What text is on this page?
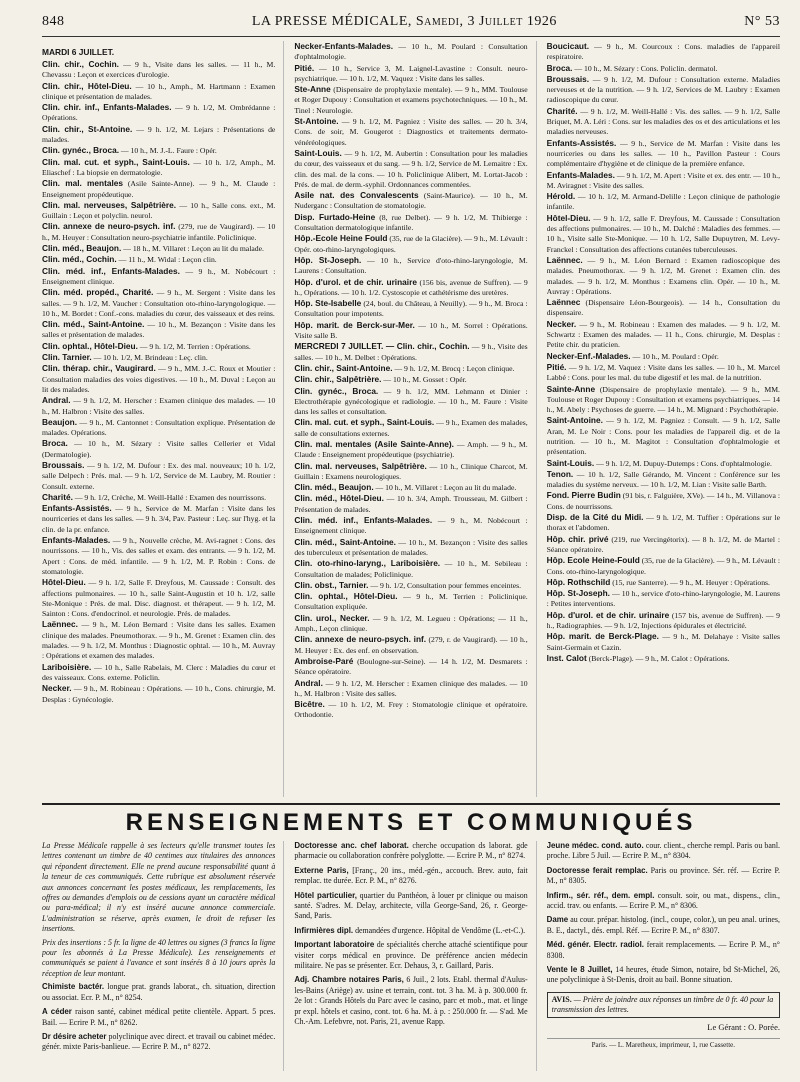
848	LA PRESSE MÉDICALE, Samedi, 3 Juillet 1926	N° 53
MARDI 6 JUILLET.

Clin. chir., Cochin. — 9 h., Visite dans les salles. — 11 h., M. Chevassu : Leçon et exercices d'urologie.

Clin. chir., Hôtel-Dieu. — 10 h., Amph., M. Hartmann : Examen clinique et présentation de malades.

Clin. chir. inf., Enfants-Malades. — 9 h. 1/2, M. Ombrédanne : Opérations.

Clin. chir., St-Antoine. — 9 h. 1/2, M. Lejars : Présentations de malades.

Clin. gynéc., Broca. — 10 h., M. J.-L. Faure : Opér.

Clin. mal. cut. et syph., Saint-Louis. — 10 h. 1/2, Amph., M. Eliaschef : La biopsie en dermatologie.

Clin. mal. mentales (Asile Sainte-Anne). — 9 h., M. Claude : Enseignement propédeutique.

Clin. mal. nerveuses, Salpêtrière. — 10 h., Salle cons. ext., M. Guillain : Leçon et polyclin. neurol.

Clin. annexe de neuro-psych. inf. (279, rue de Vaugirard). — 10 h., M. Heuyer : Consultation neuro-psychiatrie infantile. Policlinique.

Clin. méd., Beaujon. — 18 h., M. Villaret : Leçon au lit du malade.

Clin. méd., Cochin. — 11 h., M. Widal : Leçon clin.

Clin. méd. inf., Enfants-Malades. — 9 h., M. Nobécourt : Enseignement clinique.

Clin. méd. propéd., Charité. — 9 h., M. Sergent : Visite dans les salles. — 9 h. 1/2, M. Vaucher : Consultation oto-rhino-laryngologique. — 10 h., M. Bordet : Conf.-cons. maladies du cœur, des vaisseaux et des reins.

Clin. méd., Saint-Antoine. — 10 h., M. Bezançon : Visite dans les salles et présentation de malades.

Clin. ophtal., Hôtel-Dieu. — 9 h. 1/2, M. Terrien : Opérations.

Clin. Tarnier. — 10 h. 1/2, M. Brindeau : Leç. clin.

Clin. thérap. chir., Vaugirard. — 9 h., MM. J.-C. Roux et Moutier : Consultation maladies des voies digestives. — 10 h., M. Duval : Leçon au lit des malades.

Andral. — 9 h. 1/2, M. Herscher : Examen clinique des malades. — 10 h., M. Halbron : Visite des salles.

Beaujon. — 9 h., M. Cantonnet : Consultation explique. Présentation de malades. Opérations.

Broca. — 10 h., M. Sézary : Visite salles Cellerier et Vidal (Dermatologie).

Broussais. — 9 h. 1/2, M. Dufour : Ex. des mal. nouveaux; 10 h. 1/2, salle Delpech : Prés. mal. — 9 h. 1/2, Service de M. Laubry, M. Routier : Consult. externe.

Charité. — 9 h. 1/2, Crèche, M. Weill-Hallé : Examen des nourrissons.

Enfants-Assistés. — 9 h., Service de M. Marfan : Visite dans les nourriceries et dans les salles. — 9 h. 3/4, Pav. Pasteur : Leç. sur l'hyg. et la clin. de la pr. enfance.

Enfants-Malades. — 9 h., Nouvelle crèche, M. Avi-ragnet : Cons. des nourrissons. — 10 h., Vis. des salles et exam. des entrants. — 9 h. 1/2, M. Apert : Cons. de méd. infantile. — 9 h. 1/2, M. P. Robin : Cons. de stomatologie.

Hôtel-Dieu. — 9 h. 1/2, Salle F. Dreyfous, M. Caussade : Consult. des affections pulmonaires. — 10 h., salle Saint-Augustin et 10 h. 1/2, salle Ste-Monique : Prés. de mal. Disc. diagnost. et thérapeut. — 9 h. 1/2, M. Sainton : Cons. d'endocrinol. et neurologie. Prés. de malades.

Laënnec. — 9 h., M. Léon Bernard : Visite dans les salles. Examen clinique des malades. Pneumothorax. — 9 h., M. Grenet : Examen clin. des malades. — 9 h. 1/2, M. Monthus : Diagnostic ophtal. — 10 h., M. Auvray : Opérations et examen des malades.

Lariboisière. — 10 h., Salle Rabelais, M. Clerc : Maladies du cœur et des vaisseaux. Cons. externe. Policlin.

Necker. — 9 h., M. Robineau : Opérations. — 10 h., Cons. chirurgie, M. Desplas : Gynécologie.

Necker-Enfants-Malades. — 10 h., M. Poulard : Consultation d'ophtalmologie.

Pitié. — 10 h., Service 3, M. Laignel-Lavastine : Consult. neuro-psychiatrique. — 10 h. 1/2, M. Vaquez : Visite dans les salles.

Ste-Anne (Dispensaire de prophylaxie mentale). — 9 h., MM. Toulouse et Roger Dupouy : Consultation et examens psychotechniques. — 10 h., M. Tinel : Neurologie.

St-Antoine. — 9 h. 1/2, M. Pagniez : Visite des salles. — 20 h. 3/4, Cons. de soir, M. Gougerot : Diagnostics et traitements dermato-vénéréologiques.

Saint-Louis. — 9 h. 1/2, M. Aubertin : Consultation pour les maladies du cœur, des vaisseaux et du sang. — 9 h. 1/2, Service de M. Lemaitre : Ex. clin. des mal. de la cons. — 10 h. Policlinique Alibert, M. Lortat-Jacob : Prés. de mal. de derm.-syphil. Ordonnances commentées.

Asile nat. des Convalescents (Saint-Maurice). — 10 h., M. Nuderganc : Consultation de stomatologie.

Disp. Furtado-Heine (8, rue Delbet). — 9 h. 1/2, M. Thibierge : Consultation dermatologique infantile.

Hôp.-Ecole Heine Fould (35, rue de la Glacière). — 9 h., M. Lévault : Opér. oto-rhino-laryngologiques.

Hôp. St-Joseph. — 10 h., Service d'oto-rhino-laryngologie, M. Laurens : Consultation.

Hôp. d'urol. et de chir. urinaire (156 bis, avenue de Suffren). — 9 h., Opérations. — 10 h. 1/2. Cystoscopie et cathétérisme des uretères.

Hôp. Ste-Isabelle (24, boul. du Château, à Neuilly). — 9 h., M. Broca : Consultation pour impotents.

Hôp. marit. de Berck-sur-Mer. — 10 h., M. Sorrel : Opérations. Visite salle B.

MERCREDI 7 JUILLET. — Clin. chir., Cochin. — 9 h., Visite des salles. — 10 h., M. Delbet : Opérations.

Clin. chir., Saint-Antoine. — 9 h. 1/2, M. Brocq : Leçon clinique.

Clin. chir., Salpêtrière. — 10 h., M. Gosset : Opér.

Clin. gynéc., Broca. — 9 h. 1/2, MM. Lehmann et Dinier : Electrothérapie gynécologique et radiologie. — 10 h., M. Faure : Visite dans les salles et consultation.

Clin. mal. cut. et syph., Saint-Louis. — 9 h., Examen des malades, salle de consultations externes.

Clin. mal. mentales (Asile Sainte-Anne). — Amph. — 9 h., M. Claude : Enseignement propédeutique (psychiatrie).

Clin. mal. nerveuses, Salpêtrière. — 10 h., Clinique Charcot, M. Guillain : Examens neurologiques.

Clin. méd., Beaujon. — 10 h., M. Villaret : Leçon au lit du malade.

Clin. méd., Hôtel-Dieu. — 10 h. 3/4, Amph. Trousseau, M. Gilbert : Présentation de malades.

Clin. méd. inf., Enfants-Malades. — 9 h., M. Nobécourt : Enseignement clinique.

Clin. méd., Saint-Antoine. — 10 h., M. Bezançon : Visite des salles des tuberculeux et présentation de malades.

Clin. oto-rhino-laryng., Lariboisière. — 10 h., M. Sebileau : Consultation de malades; Policlinique.

Clin. obst., Tarnier. — 9 h. 1/2, Consultation pour femmes enceintes.

Clin. ophtal., Hôtel-Dieu. — 9 h., M. Terrien : Policlinique. Consultation expliquée.

Clin. urol., Necker. — 9 h. 1/2, M. Legueu : Opérations; — 11 h., Amph., Leçon clinique.

Clin. annexe de neuro-psych. inf. (279, r. de Vaugirard). — 10 h., M. Heuyer : Ex. des enf. en observation.

Ambroise-Paré (Boulogne-sur-Seine). — 14 h. 1/2, M. Desmarets : Séance opératoire.

Andral. — 9 h. 1/2, M. Herscher : Examen clinique des malades. — 10 h., M. Halbron : Visite des salles.

Bicêtre. — 10 h. 1/2, M. Frey : Stomatologie clinique et opératoire. Orthodontie.

Boucicaut. — 9 h., M. Courcoux : Cons. maladies de l'appareil respiratoire.

Broca. — 10 h., M. Sézary : Cons. Policlin. dermatol.

Broussais. — 9 h. 1/2, M. Dufour : Consultation externe. Maladies nerveuses et de la nutrition. — 9 h. 1/2, Services de M. Laubry : Examen radioscopique du cœur.

Charité. — 9 h. 1/2, M. Weill-Hallé : Vis. des salles. — 9 h. 1/2, Salle Briquet, M. A. Léri : Cons. sur les maladies des os et des articulations et les maladies nerveuses.

Enfants-Assistés. — 9 h., Service de M. Marfan : Visite dans les nourriceries ou dans les salles. — 10 h., Pavillon Pasteur : Cours complémentaire d'hygiène et de clinique de la première enfance.

Enfants-Malades. — 9 h. 1/2, M. Apert : Visite et ex. des entr. — 10 h., M. Aviragnet : Visite des salles.

Hérold. — 10 h. 1/2, M. Armand-Delille : Leçon clinique de pathologie infantile.

Hôtel-Dieu. — 9 h. 1/2, salle F. Dreyfous, M. Caussade : Consultation des affections pulmonaires. — 10 h., M. Dalché : Maladies des femmes. — 10 h., Visite salle Ste-Monique. — 10 h. 1/2, Salle Dupuytren, M. Levy-Franckel : Consultation des affections cutanées tuberculeuses.

Laënnec. — 9 h., M. Léon Bernard : Examen radioscopique des malades. Pneumothorax. — 9 h. 1/2, M. Grenet : Examen clin. des malades. — 9 h. 1/2, M. Monthus : Examens clin. Opér. — 10 h., M. Auvray : Opérations.

Laënnec (Dispensaire Léon-Bourgeois). — 14 h., Consultation du dispensaire.

Necker. — 9 h., M. Robineau : Examen des malades. — 9 h. 1/2, M. Schwartz : Examen des malades. — 11 h., Cons. chirurgie, M. Desplas : Petite chir. du praticien.

Necker-Enf.-Malades. — 10 h., M. Poulard : Opér.

Pitié. — 9 h. 1/2, M. Vaquez : Visite dans les salles. — 10 h., M. Marcel Labbé : Cons. pour les mal. du tube digestif et les mal. de la nutrition.

Sainte-Anne (Dispensaire de prophylaxie mentale). — 9 h., MM. Toulouse et Roger Dupouy : Consultation et examens psychiatriques. — 14 h., M. Abely : Psychoses de guerre. — 14 h., M. Mignard : Psychothérapie.

Saint-Antoine. — 9 h. 1/2, M. Pagniez : Consult. — 9 h. 1/2, Salle Aran, M. Le Noir : Cons. pour les maladies de l'appareil dig. et de la nutrition. — 10 h., M. Magitot : Consultation d'ophtalmologie et présentation.

Saint-Louis. — 9 h. 1/2, M. Dupuy-Dutemps : Cons. d'ophtalmologie.

Tenon. — 10 h. 1/2, Salle Gérando, M. Vincent : Conférence sur les maladies du système nerveux. — 10 h. 1/2, M. Lian : Visite salle Barth.

Fond. Pierre Budin (91 bis, r. Falguière, XVe). — 14 h., M. Villanova : Cons. de nourrissons.

Disp. de la Cité du Midi. — 9 h. 1/2, M. Tuffier : Opérations sur le thorax et l'abdomen.

Hôp. chir. privé (219, rue Vercingétorix). — 8 h. 1/2, M. de Martel : Séance opératoire.

Hôp. Ecole Heine-Fould (35, rue de la Glacière). — 9 h., M. Lévault : Cons. oto-rhino-laryngologique.

Hôp. Rothschild (15, rue Santerre). — 9 h., M. Heuyer : Opérations.

Hôp. St-Joseph. — 10 h., service d'oto-rhino-laryngologie, M. Laurens : Petites interventions.

Hôp. d'urol. et de chir. urinaire (157 bis, avenue de Suffren). — 9 h., Radiographies. — 9 h. 1/2, Injections épidurales et électricité.

Hôp. marit. de Berck-Plage. — 9 h., M. Delahaye : Visite salles Saint-Germain et Cazin.

Inst. Calot (Berck-Plage). — 9 h., M. Calot : Opérations.

RENSEIGNEMENTS ET COMMUNIQUÉS

La Presse Médicale rappelle à ses lecteurs qu'elle transmet toutes les lettres contenant un timbre de 40 centimes aux titulaires des annonces qui répondent directement. Elle ne prend aucune responsabilité quant à la teneur de ces communiqués. Cette rubrique est absolument réservée aux annonces concernant les postes médicaux, les remplacements, les offres ou demandes d'emplois ou de cessions ayant un caractère médical ou para-médical; il n'y est inséré aucune annonce commerciale. L'administration se réserve, après examen, le droit de refuser les insertions.

Prix des insertions : 5 fr. la ligne de 40 lettres ou signes (3 francs la ligne pour les abonnés à La Presse Médicale). Les renseignements et communiqués se paient à l'avance et sont insérés 8 à 10 jours après la réception de leur montant.

Chimiste bactér. longue prat. grands laborat., ch. situation, direction ou associat. Ecr. P. M., n° 8254.

A céder raison santé, cabinet médical petite clientèle. Appart. 5 pces. Bail. — Ecrire P. M., n° 8262.

Dr désire acheter polyclinique avec direct. et travail ou cabinet médec. génér. mixte Paris-banlieue. — Ecrire P. M., n° 8272.

Doctoresse anc. chef laborat. cherche occupation ds laborat. gde pharmacie ou collaboration confrère polyglotte. — Ecrire P. M., n° 8274.

Externe Paris, [Franç., 20 ins., méd.-gén., accouch. Brev. auto, fait remplac. tte durée. Ecr. P. M., n° 8276.

Hôtel particulier, quartier du Panthéon, à louer pr clinique ou maison santé. S'adres. M. Delay, architecte, villa George-Sand, 26, r. George-Sand, Paris.

Infirmières dipl. demandées d'urgence. Hôpital de Vendôme (L.-et-C.).

Important laboratoire de spécialités cherche attaché scientifique pour visiter corps médical en province. De préférence ancien médecin militaire. Ne pas se présenter. Ecr. Dehaus, 3, r. Gaillard, Paris.

Adj. Chambre notaires Paris, 6 Juil., 2 lots. Etabl. thermal d'Aulus-les-Bains (Ariège) av. usine et terrain, cont. tot. 3 ha. M. à p. 300.000 fr. 2e lot : Grands Hôtels du Parc avec le casino, parc et mob., mat. et linge pr expl. hôtels et casino, cont. tot. 6 ha. M. à p. : 250.000 fr. — S'ad. Me Ch.-Am. Lefebvre, not. Paris, 21, avenue Rapp.

Jeune médec. cond. auto. cour. client., cherche rempl. Paris ou banl. proche. Libre 5 Juil. — Ecrire P. M., n° 8304.

Doctoresse ferait remplac. Paris ou province. Sér. réf. — Ecrire P. M., n° 8305.

Infirm., sér. réf., dem. empl. consult. soir, ou mat., dispens., clin., accid. trav. ou enfants. — Ecrire P. M., n° 8306.

Dame au cour. prépar. histolog. (incl., coupe, color.), un peu anal. urines, B. E., dactyl., dés. empl. Réf. — Ecrire P. M., n° 8307.

Méd. génér. Electr. radiol. ferait remplacements. — Ecrire P. M., n° 8308.

Vente le 8 Juillet, 14 heures, étude Simon, notaire, bd St-Michel, 26, une polyclinique à St-Denis, droit au bail. Bonne situation.

AVIS. — Prière de joindre aux réponses un timbre de 0 fr. 40 pour la transmission des lettres.
Le Gérant : O. Porée.
Paris. — L. Maretheux, imprimeur, 1, rue Cassette.
